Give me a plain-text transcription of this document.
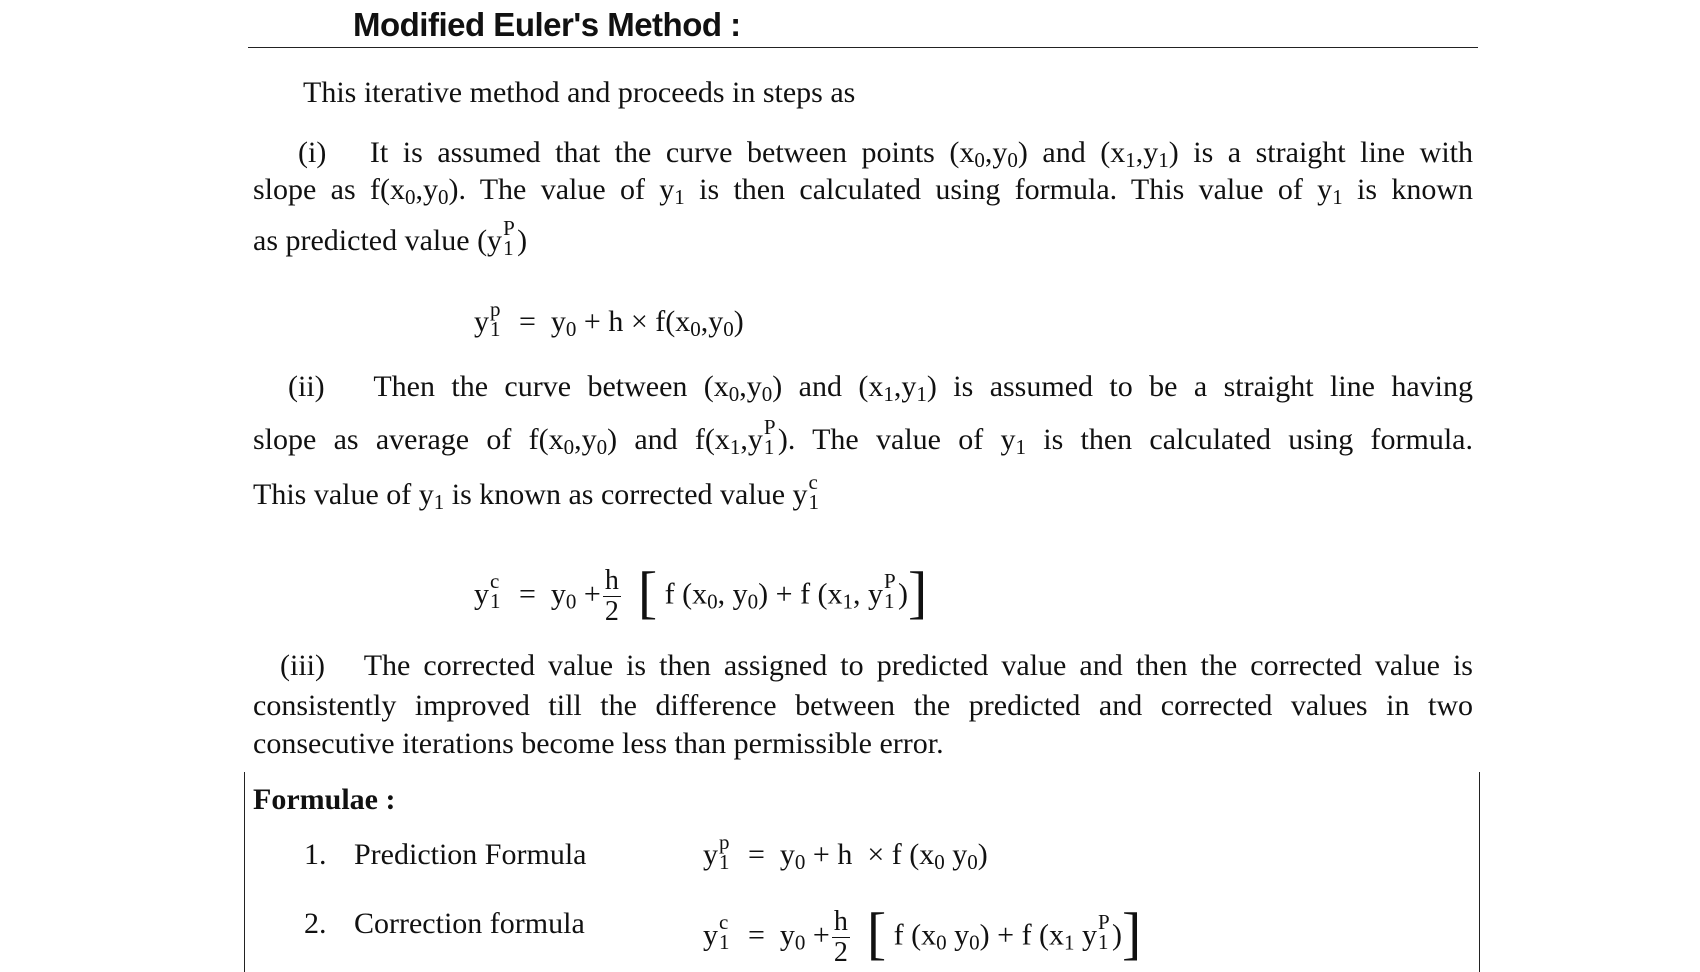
Modified Euler's Method :
This iterative method and proceeds in steps as
(i) It is assumed that the curve between points $(x_0,y_0)$ and $(x_1,y_1)$ is a straight line with
slope as $f(x_0,y_0)$. The value of $y_1$ is then calculated using formula. This value of $y_1$ is known
as predicted value (y P
1 )
y p
$1 = y_0 + h \times f(x_0,y_0)$
(ii) Then the curve between $(x_0,y_0)$ and $(x_1,y_1)$ is assumed to be a straight line having
slope as average of $f(x_0,y_0)$ and $f(x_1,y$ P
1 ). The value of $y_1$ is then calculated using formula.
This value of $y_1$ is known as corrected value y c
1
y c
$1 = y_0 + \frac{h}{2}$ [ f ($x_0$, $y_0) + f$ ($x_1$, y P
1 )]
(iii) The corrected value is then assigned to predicted value and then the corrected value is
consistently improved till the difference between the predicted and corrected values in two
consecutive iterations become less than permissible error.
Formulae :
1. Prediction Formula	y p
$1 = y_0 + h \times f$ ($x_0$ $y_0$)
2. Correction formula	y c
$1 = y_0 + \frac{h}{2}$ [ f ($x_0$ $y_0) + f$ ($x_1$ y P
1 )]
